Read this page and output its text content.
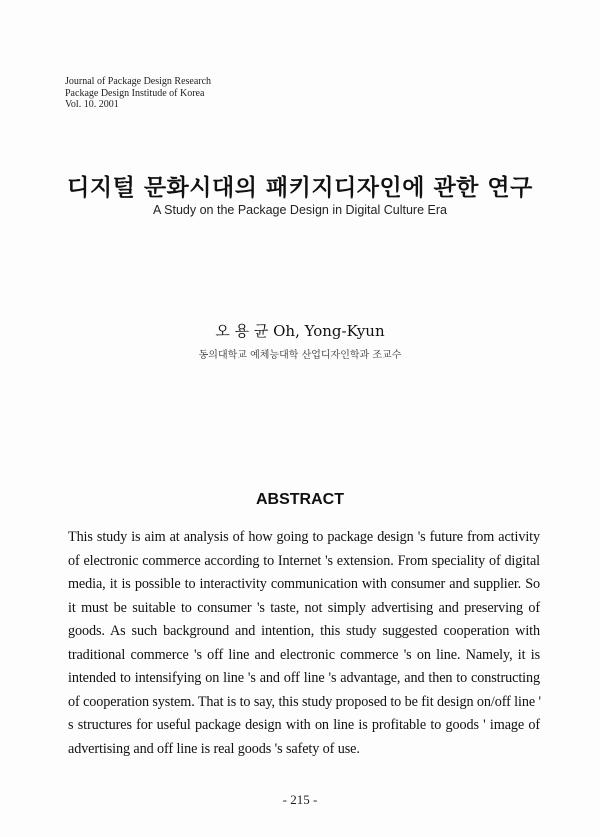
Journal of Package Design Research
Package Design Institude of Korea
Vol. 10. 2001
디지털 문화시대의 패키지디자인에 관한 연구
A Study on the Package Design in Digital Culture Era
오 용 균 Oh, Yong-Kyun
동의대학교 예체능대학 산업디자인학과 조교수
ABSTRACT
This study is aim at analysis of how going to package design 's future from activity
of electronic commerce according to Internet 's extension. From speciality of digital
media, it is possible to interactivity communication with consumer and supplier. So
it must be suitable to consumer 's taste, not simply advertising and preserving of
goods. As such background and intention, this study suggested cooperation with
traditional commerce 's off line and electronic commerce 's on line. Namely, it is
intended to intensifying on line 's and off line 's advantage, and then to constructing
of cooperation system. That is to say, this study proposed to be fit design on/off line '
s structures for useful package design with on line is profitable to goods ' image of
advertising and off line is real goods 's safety of use.
- 215 -
